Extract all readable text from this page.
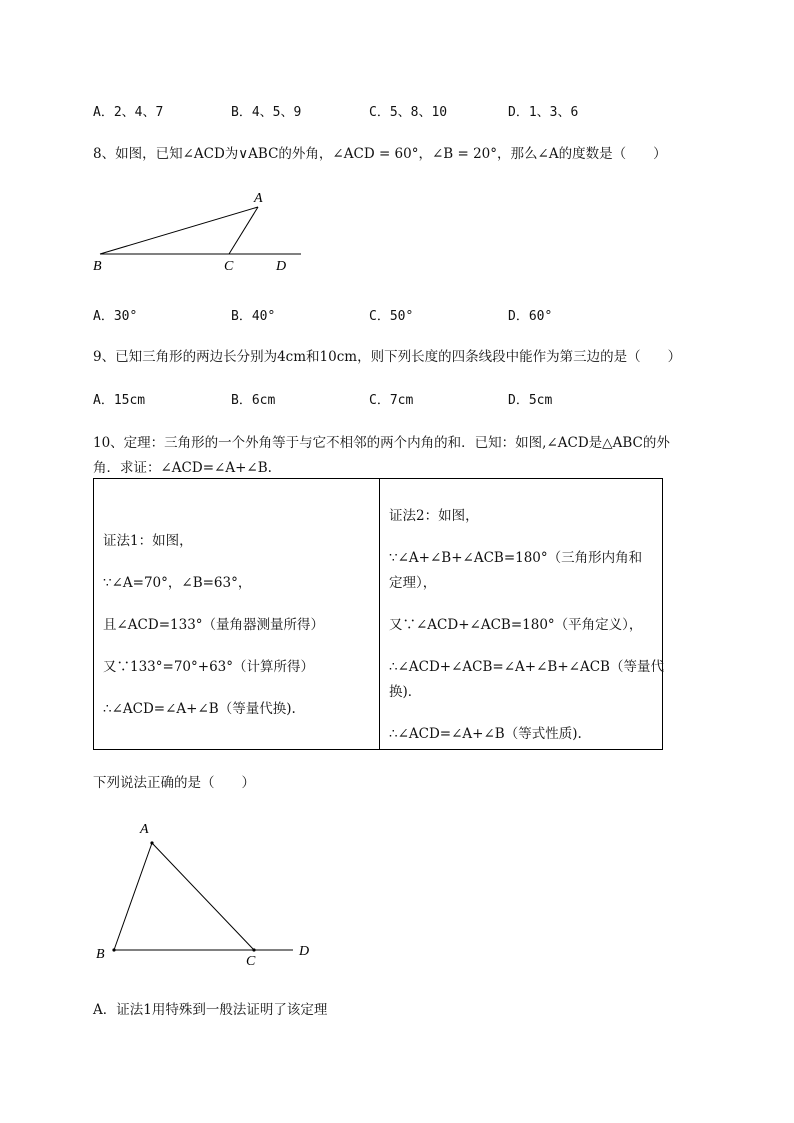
A．2、4、7	B．4、5、9	C．5、8、10	D．1、3、6
8、如图，已知∠ACD为∨ABC的外角，∠ACD = 60°，∠B = 20°，那么∠A的度数是（　　）
A
B	C	D
A．30°	B．40°	C．50°	D．60°
9、已知三角形的两边长分别为4cm和10cm，则下列长度的四条线段中能作为第三边的是（　　）
A．15cm	B．6cm	C．7cm	D．5cm
10、定理：三角形的一个外角等于与它不相邻的两个内角的和．已知：如图,∠ACD是△ABC的外
角．求证：∠ACD=∠A+∠B.
证法1：如图，
∵∠A=70°，∠B=63°，
且∠ACD=133°（量角器测量所得）
又∵133°=70°+63°（计算所得）
∴∠ACD=∠A+∠B（等量代换).
证法2：如图，
∵∠A+∠B+∠ACB=180°（三角形内角和
定理），
又∵∠ACD+∠ACB=180°（平角定义），
∴∠ACD+∠ACB=∠A+∠B+∠ACB（等量代
换)．
∴∠ACD=∠A+∠B（等式性质).
下列说法正确的是（　　）
A
B	C
D
A．证法1用特殊到一般法证明了该定理
